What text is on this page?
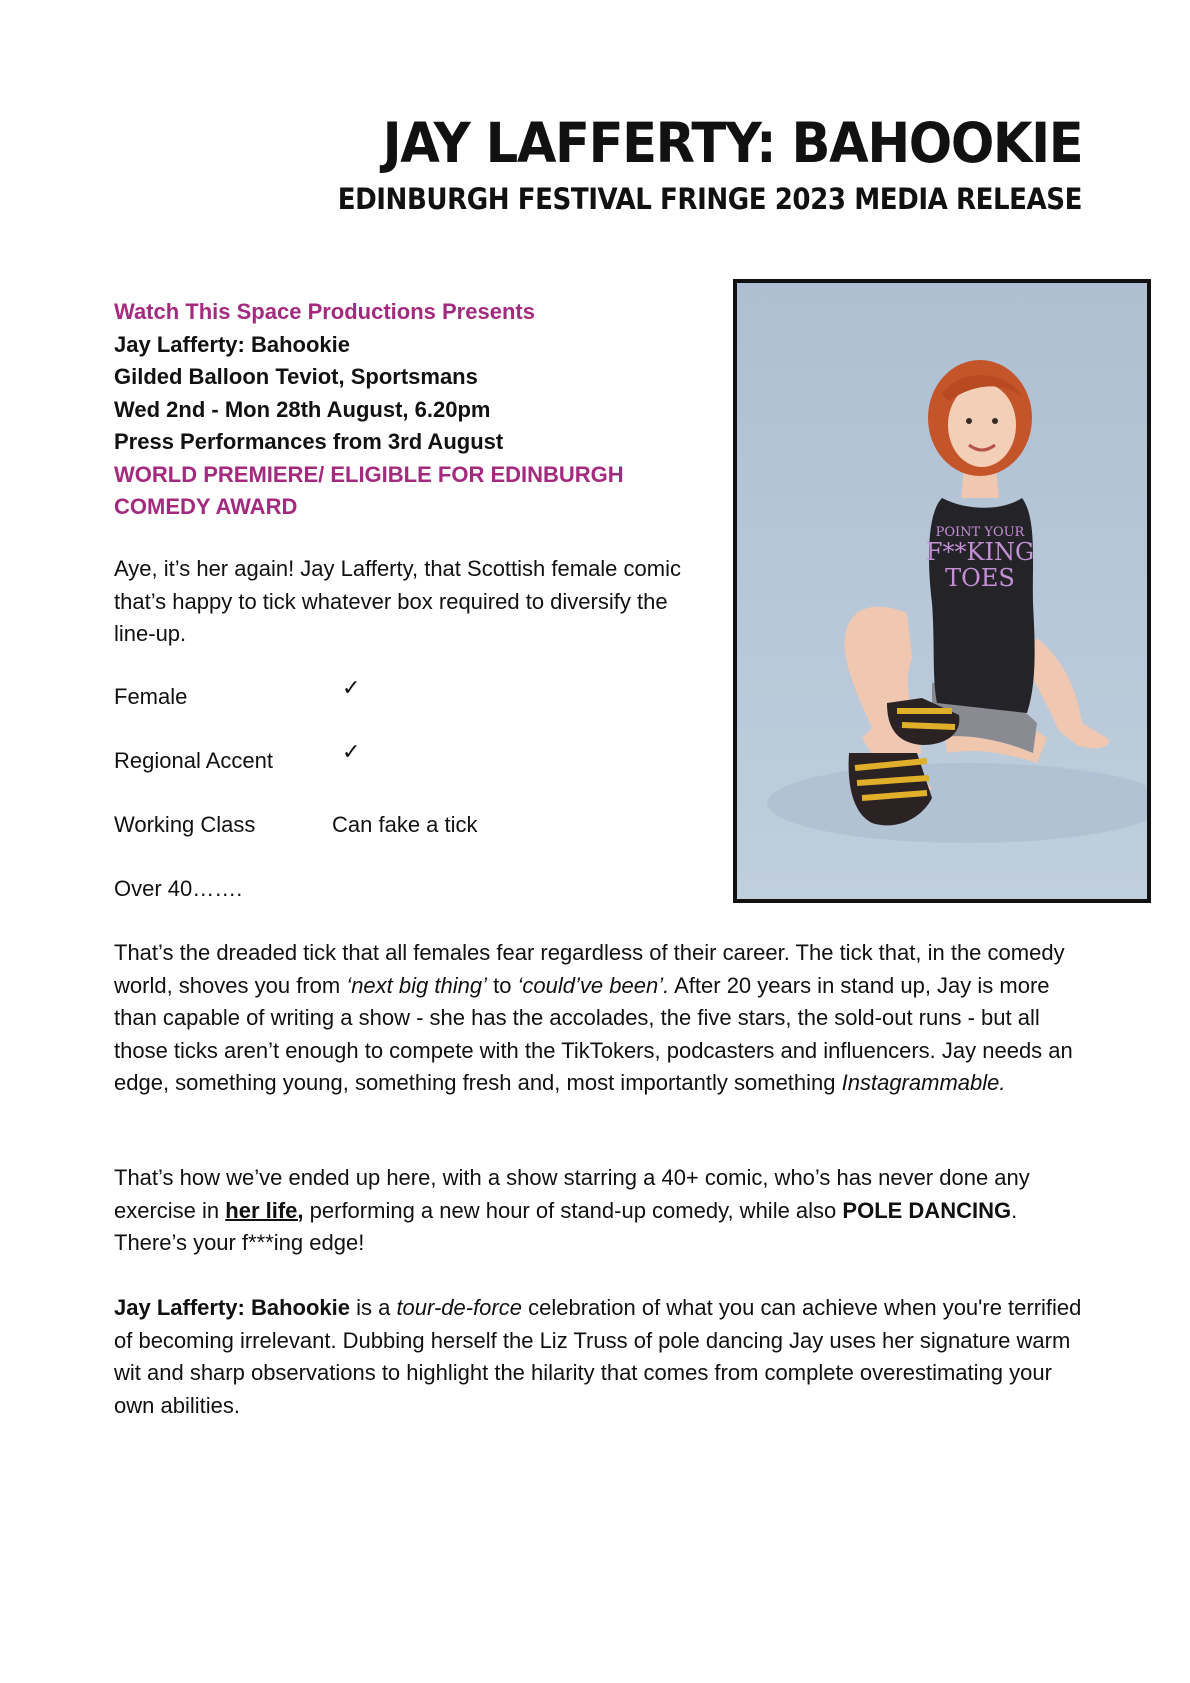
JAY LAFFERTY: BAHOOKIE
EDINBURGH FESTIVAL FRINGE 2023 MEDIA RELEASE
Watch This Space Productions Presents
Jay Lafferty: Bahookie
Gilded Balloon Teviot, Sportsmans
Wed 2nd - Mon 28th August, 6.20pm
Press Performances from 3rd August
WORLD PREMIERE/ ELIGIBLE FOR EDINBURGH COMEDY AWARD
Aye, it’s her again! Jay Lafferty, that Scottish female comic that’s happy to tick whatever box required to diversify the line-up.
Female	✓
Regional Accent	✓
Working Class	Can fake a tick
Over 40…….
That’s the dreaded tick that all females fear regardless of their career. The tick that, in the comedy world, shoves you from ‘next big thing’ to ‘could’ve been’. After 20 years in stand up, Jay is more than capable of writing a show - she has the accolades, the five stars, the sold-out runs - but all those ticks aren’t enough to compete with the TikTokers, podcasters and influencers. Jay needs an edge, something young, something fresh and, most importantly something Instagrammable.
That’s how we’ve ended up here, with a show starring a 40+ comic, who’s has never done any exercise in her life, performing a new hour of stand-up comedy, while also POLE DANCING. There’s your f***ing edge!
Jay Lafferty: Bahookie is a tour-de-force celebration of what you can achieve when you're terrified of becoming irrelevant. Dubbing herself the Liz Truss of pole dancing Jay uses her signature warm wit and sharp observations to highlight the hilarity that comes from complete overestimating your own abilities.
POINT YOUR
F**KING
TOES
